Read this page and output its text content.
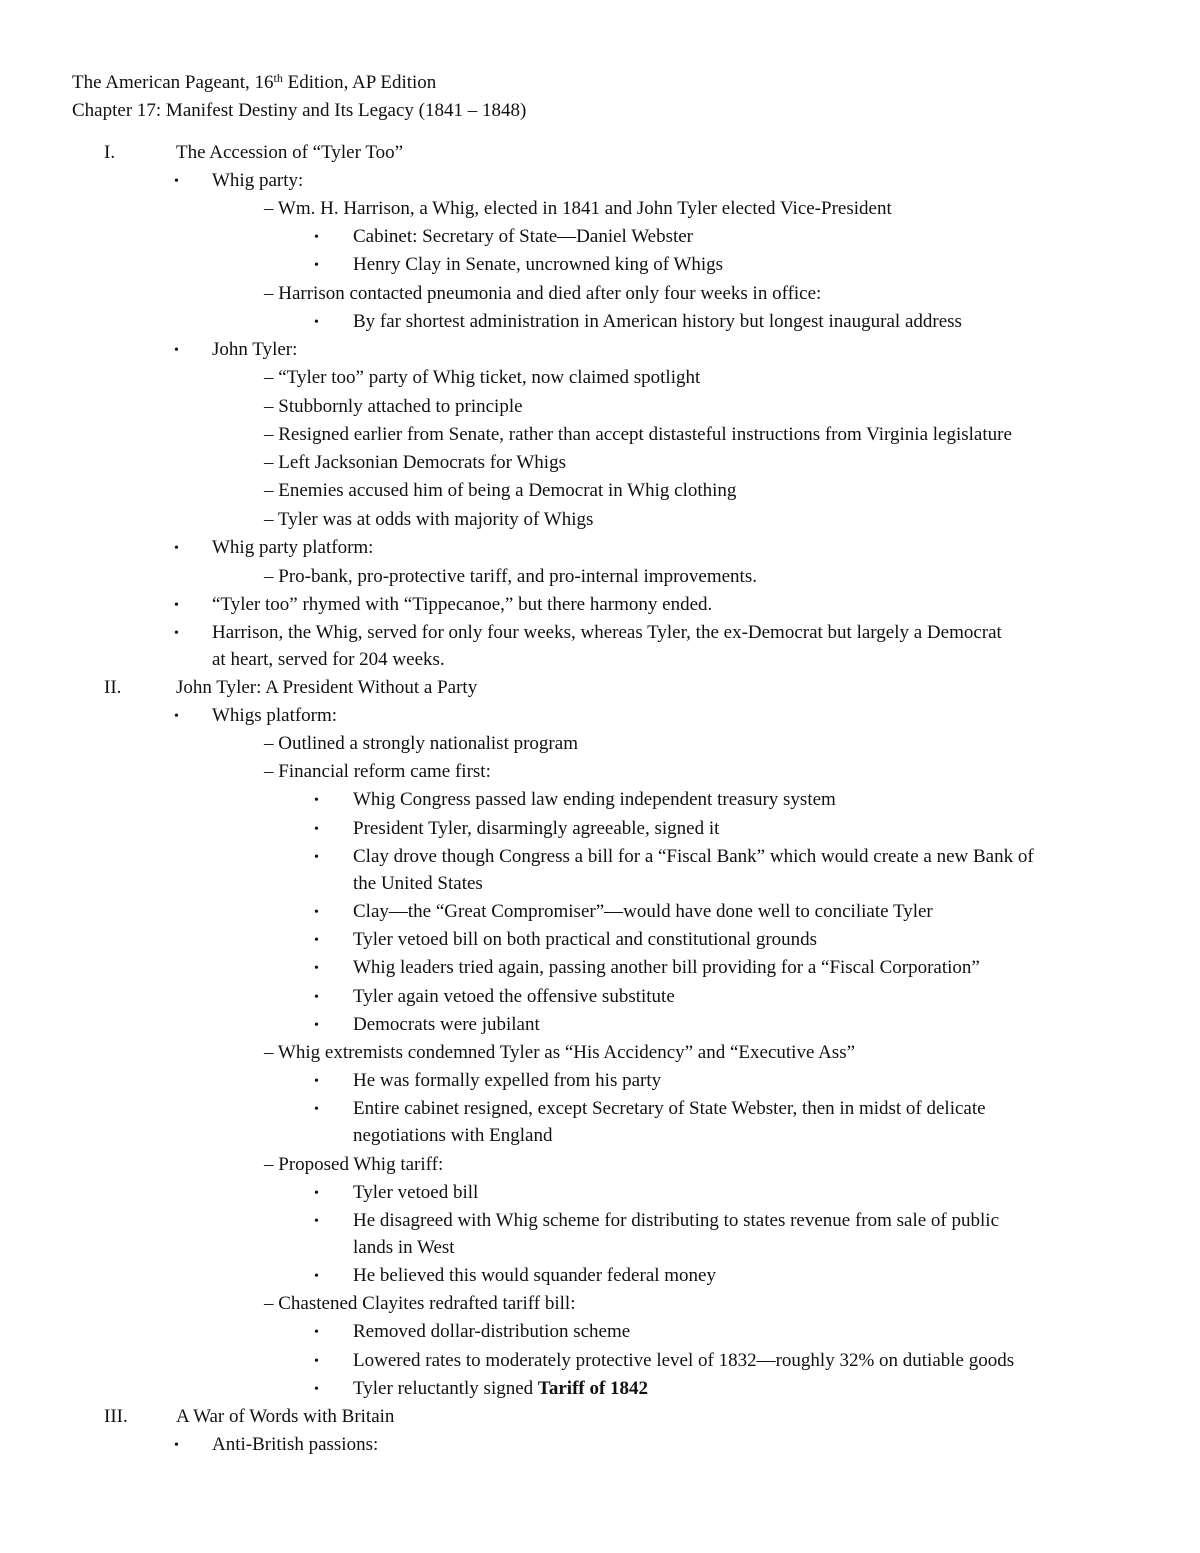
The American Pageant, 16th Edition, AP Edition
Chapter 17: Manifest Destiny and Its Legacy (1841 – 1848)
I.	The Accession of “Tyler Too”
• Whig party:
– Wm. H. Harrison, a Whig, elected in 1841 and John Tyler elected Vice-President
• Cabinet: Secretary of State—Daniel Webster
• Henry Clay in Senate, uncrowned king of Whigs
– Harrison contacted pneumonia and died after only four weeks in office:
• By far shortest administration in American history but longest inaugural address
• John Tyler:
– “Tyler too” party of Whig ticket, now claimed spotlight
– Stubbornly attached to principle
– Resigned earlier from Senate, rather than accept distasteful instructions from Virginia legislature
– Left Jacksonian Democrats for Whigs
– Enemies accused him of being a Democrat in Whig clothing
– Tyler was at odds with majority of Whigs
• Whig party platform:
– Pro-bank, pro-protective tariff, and pro-internal improvements.
• “Tyler too” rhymed with “Tippecanoe,” but there harmony ended.
• Harrison, the Whig, served for only four weeks, whereas Tyler, the ex-Democrat but largely a Democrat
at heart, served for 204 weeks.
II.	John Tyler: A President Without a Party
• Whigs platform:
– Outlined a strongly nationalist program
– Financial reform came first:
• Whig Congress passed law ending independent treasury system
• President Tyler, disarmingly agreeable, signed it
• Clay drove though Congress a bill for a “Fiscal Bank” which would create a new Bank of
the United States
• Clay—the “Great Compromiser”—would have done well to conciliate Tyler
• Tyler vetoed bill on both practical and constitutional grounds
• Whig leaders tried again, passing another bill providing for a “Fiscal Corporation”
• Tyler again vetoed the offensive substitute
• Democrats were jubilant
– Whig extremists condemned Tyler as “His Accidency” and “Executive Ass”
• He was formally expelled from his party
• Entire cabinet resigned, except Secretary of State Webster, then in midst of delicate
negotiations with England
– Proposed Whig tariff:
• Tyler vetoed bill
• He disagreed with Whig scheme for distributing to states revenue from sale of public
lands in West
• He believed this would squander federal money
– Chastened Clayites redrafted tariff bill:
• Removed dollar-distribution scheme
• Lowered rates to moderately protective level of 1832—roughly 32% on dutiable goods
• Tyler reluctantly signed Tariff of 1842
III.	A War of Words with Britain
• Anti-British passions:
